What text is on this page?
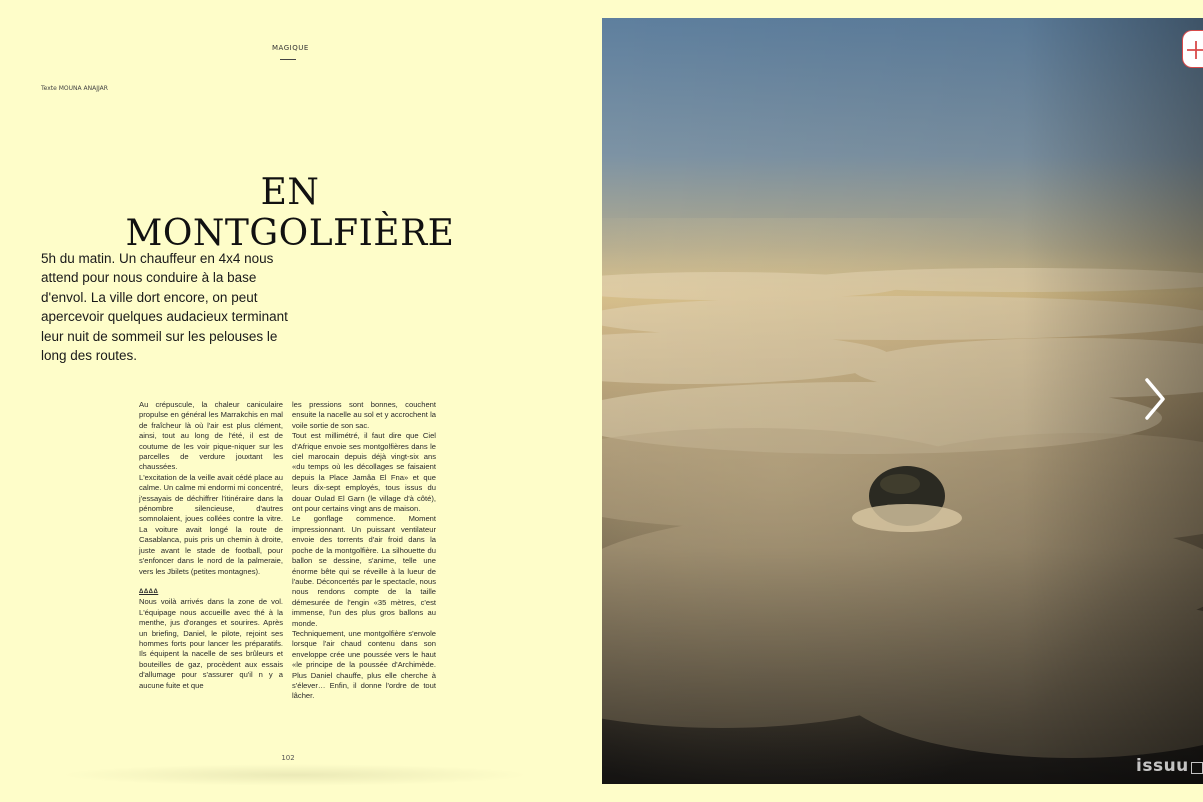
MAGIQUE
Texte MOUNA ANAJJAR
EN MONTGOLFIÈRE
5h du matin. Un chauffeur en 4x4 nous attend pour nous conduire à la base d'envol. La ville dort encore, on peut apercevoir quelques audacieux terminant leur nuit de sommeil sur les pelouses le long des routes.

Au crépuscule, la chaleur caniculaire propulse en général les Marrakchis en mal de fraîcheur là où l'air est plus clément, ainsi, tout au long de l'été, il est de coutume de les voir pique-niquer sur les parcelles de verdure jouxtant les chaussées.

L'excitation de la veille avait cédé place au calme. Un calme mi endormi mi concentré, j'essayais de déchiffrer l'itinéraire dans la pénombre silencieuse, d'autres somnolaient, joues collées contre la vitre. La voiture avait longé la route de Casablanca, puis pris un chemin à droite, juste avant le stade de football, pour s'enfoncer dans le nord de la palmeraie, vers les Jbilets (petites montagnes).

ΔΔΔΔ

Nous voilà arrivés dans la zone de vol. L'équipage nous accueille avec thé à la menthe, jus d'oranges et sourires. Après un briefing, Daniel, le pilote, rejoint ses hommes forts pour lancer les préparatifs. Ils équipent la nacelle de ses brûleurs et bouteilles de gaz, procèdent aux essais d'allumage pour s'assurer qu'il n y a aucune fuite et que

les pressions sont bonnes, couchent ensuite la nacelle au sol et y accrochent la voile sortie de son sac.

Tout est millimétré, il faut dire que Ciel d'Afrique envoie ses montgolfières dans le ciel marocain depuis déjà vingt-six ans «du temps où les décollages se faisaient depuis la Place Jamâa El Fna» et que leurs dix-sept employés, tous issus du douar Oulad El Garn (le village d'à côté), ont pour certains vingt ans de maison.

Le gonflage commence. Moment impressionnant. Un puissant ventilateur envoie des torrents d'air froid dans la poche de la montgolfière. La silhouette du ballon se dessine, s'anime, telle une énorme bête qui se réveille à la lueur de l'aube. Déconcertés par le spectacle, nous nous rendons compte de la taille démesurée de l'engin «35 mètres, c'est immense, l'un des plus gros ballons au monde.

Techniquement, une montgolfière s'envole lorsque l'air chaud contenu dans son enveloppe crée une poussée vers le haut «le principe de la poussée d'Archimède. Plus Daniel chauffe, plus elle cherche à s'élever… Enfin, il donne l'ordre de tout lâcher.

102	issuu
